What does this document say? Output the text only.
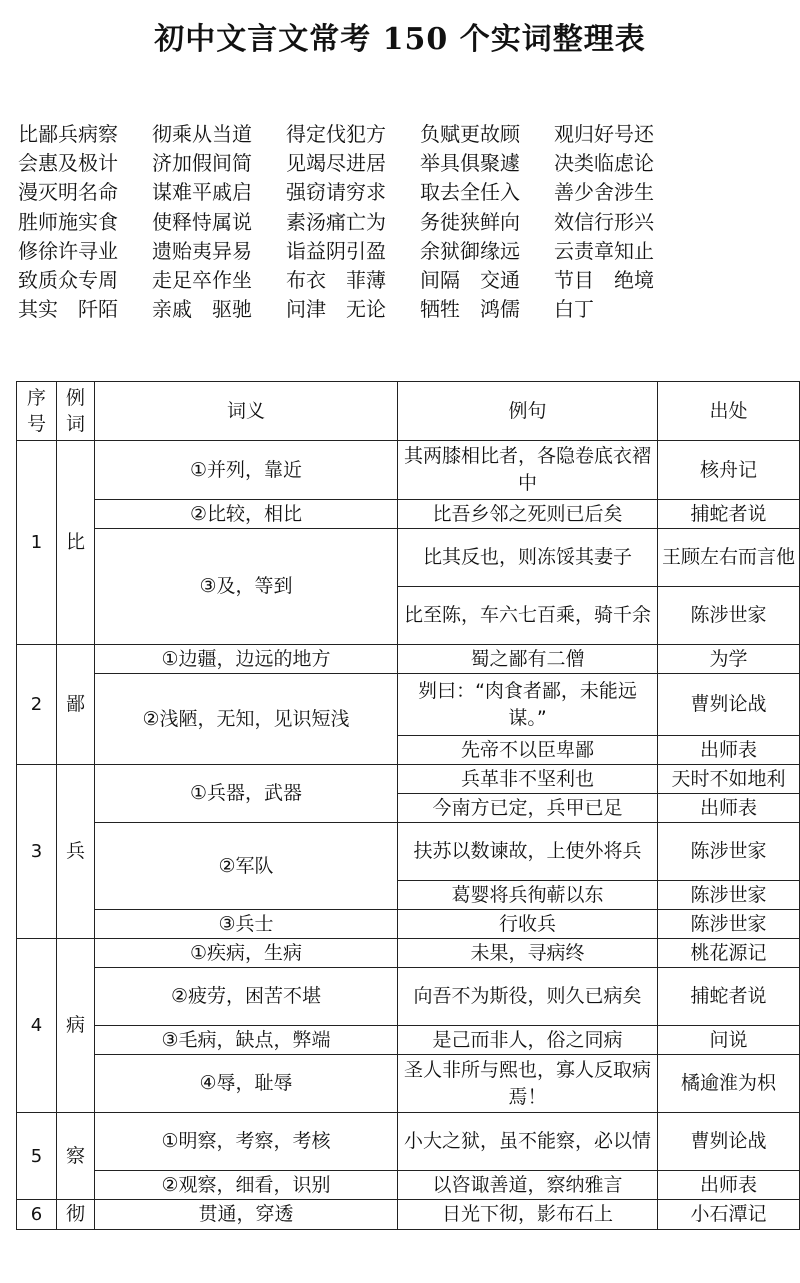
初中文言文常考 150 个实词整理表
比鄙兵病察	彻乘从当道	得定伐犯方	负赋更故顾	观归好号还
会惠及极计	济加假间简	见竭尽进居	举具俱聚遽	决类临虑论
漫灭明名命	谋难平戚启	强窃请穷求	取去全任入	善少舍涉生
胜师施实食	使释恃属说	素汤痛亡为	务徙狭鲜向	效信行形兴
修徐许寻业	遗贻夷异易	诣益阴引盈	余狱御缘远	云责章知止
致质众专周	走足卒作坐	布衣　菲薄	间隔　交通	节目　绝境
其实　阡陌	亲戚　驱驰	问津　无论	牺牲　鸿儒	白丁
序号	例词	词义	例句	出处
1	比	①并列，靠近	其两膝相比者，各隐卷底衣褶中	核舟记
		②比较，相比	比吾乡邻之死则已后矣	捕蛇者说
		③及，等到	比其反也，则冻馁其妻子	王顾左右而言他
			比至陈，车六七百乘，骑千余	陈涉世家
2	鄙	①边疆，边远的地方	蜀之鄙有二僧	为学
		②浅陋，无知，见识短浅	刿曰：“肉食者鄙，未能远谋。”	曹刿论战
			先帝不以臣卑鄙	出师表
3	兵	①兵器，武器	兵革非不坚利也	天时不如地利
			今南方已定，兵甲已足	出师表
		②军队	扶苏以数谏故，上使外将兵	陈涉世家
			葛婴将兵徇蕲以东	陈涉世家
		③兵士	行收兵	陈涉世家
4	病	①疾病，生病	未果，寻病终	桃花源记
		②疲劳，困苦不堪	向吾不为斯役，则久已病矣	捕蛇者说
		③毛病，缺点，弊端	是己而非人，俗之同病	问说
		④辱，耻辱	圣人非所与熙也，寡人反取病焉！	橘逾淮为枳
5	察	①明察，考察，考核	小大之狱，虽不能察，必以情	曹刿论战
		②观察，细看，识别	以咨诹善道，察纳雅言	出师表
6	彻	贯通，穿透	日光下彻，影布石上	小石潭记
